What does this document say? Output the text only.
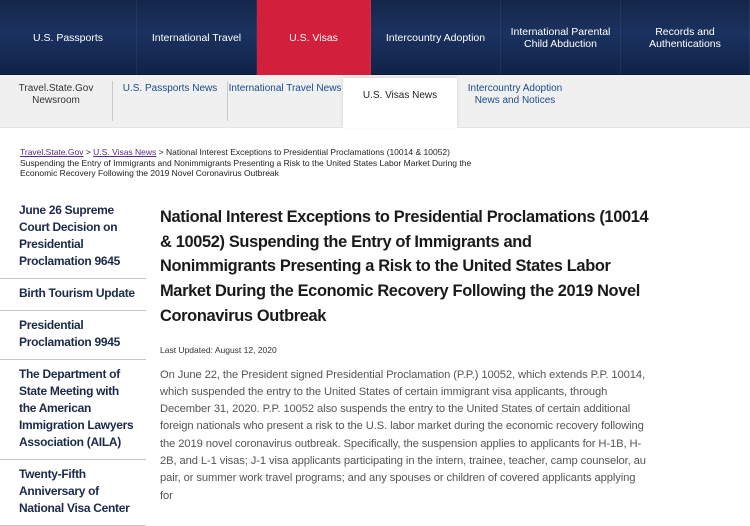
U.S. Passports	International Travel	U.S. Visas	Intercountry Adoption	International Parental Child Abduction
Records and Authentications
Travel.State.Gov Newsroom
U.S. Passports News	International Travel News
U.S. Visas News
Intercountry Adoption News and Notices
Travel.State.Gov > U.S. Visas News > National Interest Exceptions to Presidential Proclamations (10014 & 10052) Suspending the Entry of Immigrants and Nonimmigrants Presenting a Risk to the United States Labor Market During the Economic Recovery Following the 2019 Novel Coronavirus Outbreak
June 26 Supreme Court Decision on Presidential Proclamation 9645
Birth Tourism Update
Presidential Proclamation 9945
The Department of State Meeting with the American Immigration Lawyers Association (AILA)
Twenty-Fifth Anniversary of National Visa Center
National Interest Exceptions to Presidential Proclamations (10014 & 10052) Suspending the Entry of Immigrants and Nonimmigrants Presenting a Risk to the United States Labor Market During the Economic Recovery Following the 2019 Novel Coronavirus Outbreak
Last Updated: August 12, 2020

On June 22, the President signed Presidential Proclamation (P.P.) 10052, which extends P.P. 10014, which suspended the entry to the United States of certain immigrant visa applicants, through December 31, 2020. P.P. 10052 also suspends the entry to the United States of certain additional foreign nationals who present a risk to the U.S. labor market during the economic recovery following the 2019 novel coronavirus outbreak. Specifically, the suspension applies to applicants for H-1B, H-2B, and L-1 visas; J-1 visa applicants participating in the intern, trainee, teacher, camp counselor, au pair, or summer work travel programs; and any spouses or children of covered applicants applying for
